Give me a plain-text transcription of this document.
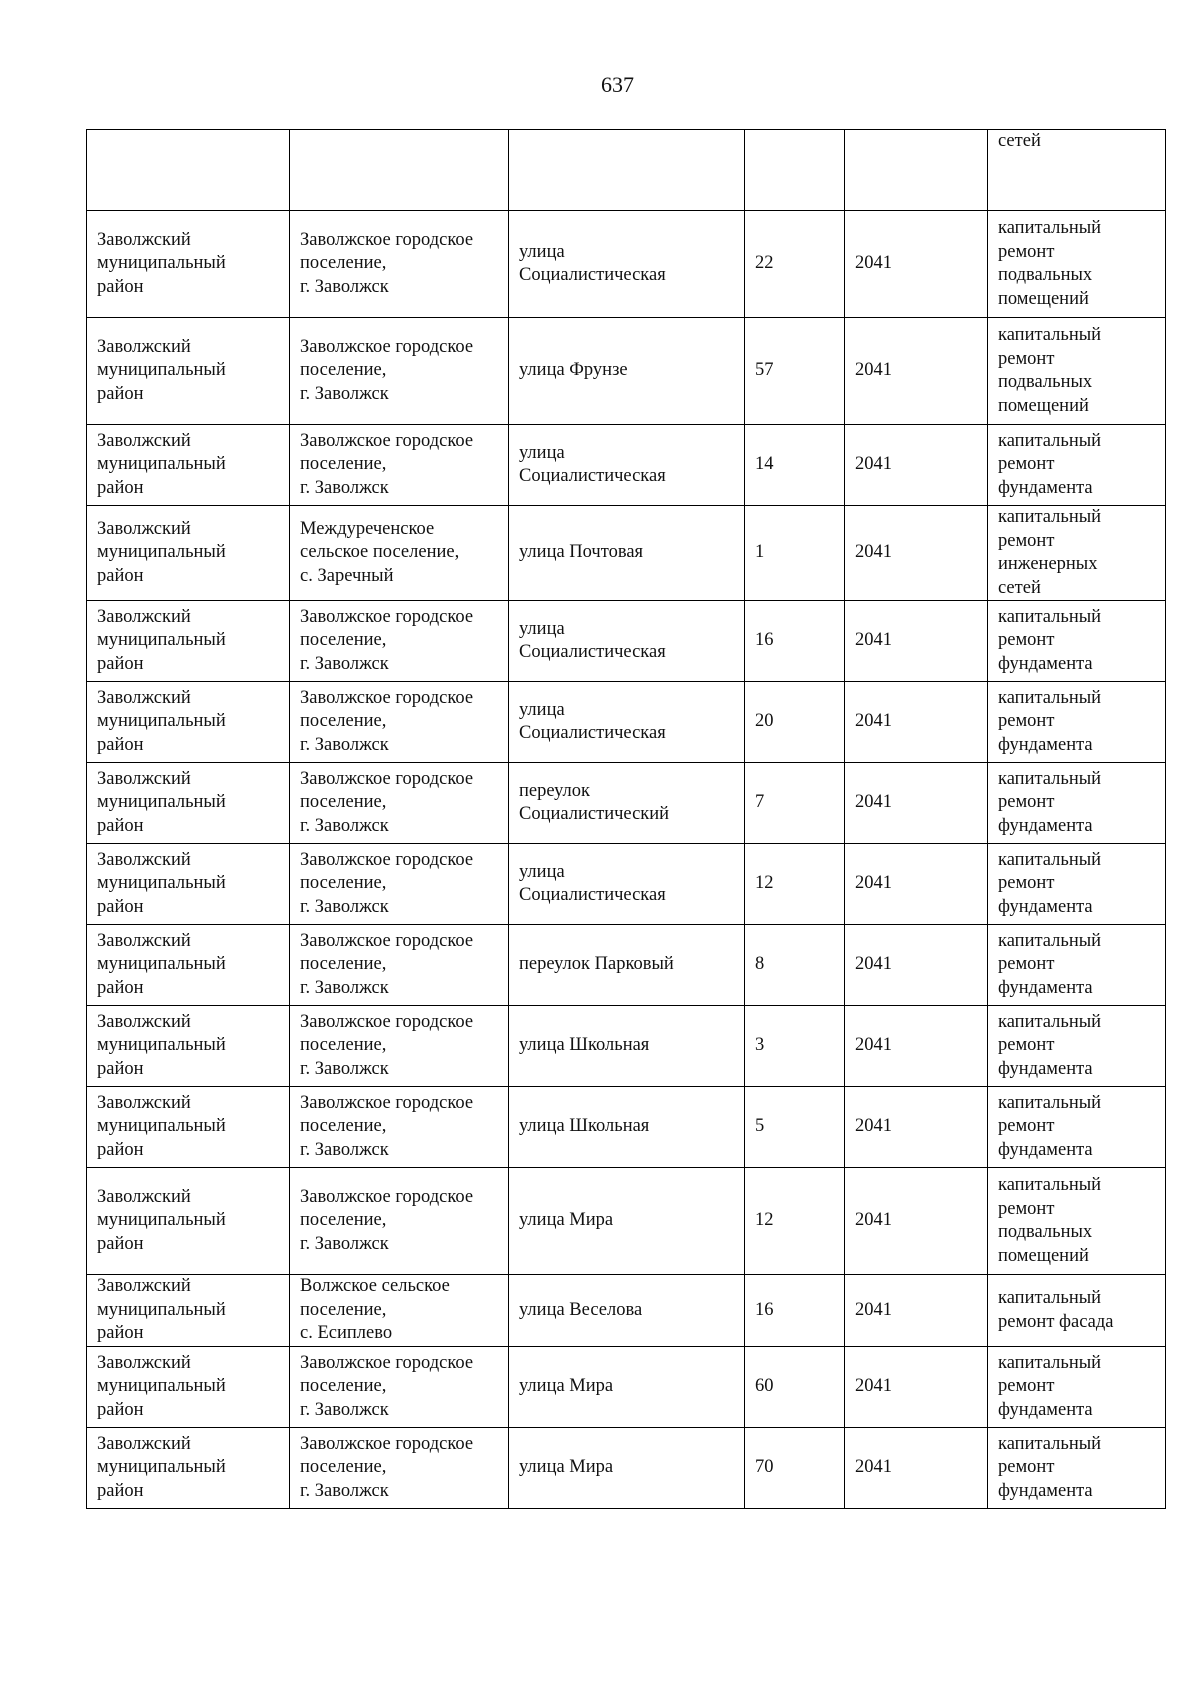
637
					сетей
Заволжский
муниципальный
район	Заволжское городское
поселение,
г. Заволжск	улица
Социалистическая	22	2041	капитальный
ремонт
подвальных
помещений
Заволжский
муниципальный
район	Заволжское городское
поселение,
г. Заволжск	улица Фрунзе	57	2041	капитальный
ремонт
подвальных
помещений
Заволжский
муниципальный
район	Заволжское городское
поселение,
г. Заволжск	улица
Социалистическая	14	2041	капитальный
ремонт
фундамента
Заволжский
муниципальный
район	Междуреченское
сельское поселение,
с. Заречный	улица Почтовая	1	2041	капитальный
ремонт
инженерных
сетей
Заволжский
муниципальный
район	Заволжское городское
поселение,
г. Заволжск	улица
Социалистическая	16	2041	капитальный
ремонт
фундамента
Заволжский
муниципальный
район	Заволжское городское
поселение,
г. Заволжск	улица
Социалистическая	20	2041	капитальный
ремонт
фундамента
Заволжский
муниципальный
район	Заволжское городское
поселение,
г. Заволжск	переулок
Социалистический	7	2041	капитальный
ремонт
фундамента
Заволжский
муниципальный
район	Заволжское городское
поселение,
г. Заволжск	улица
Социалистическая	12	2041	капитальный
ремонт
фундамента
Заволжский
муниципальный
район	Заволжское городское
поселение,
г. Заволжск	переулок Парковый	8	2041	капитальный
ремонт
фундамента
Заволжский
муниципальный
район	Заволжское городское
поселение,
г. Заволжск	улица Школьная	3	2041	капитальный
ремонт
фундамента
Заволжский
муниципальный
район	Заволжское городское
поселение,
г. Заволжск	улица Школьная	5	2041	капитальный
ремонт
фундамента
Заволжский
муниципальный
район	Заволжское городское
поселение,
г. Заволжск	улица Мира	12	2041	капитальный
ремонт
подвальных
помещений
Заволжский
муниципальный
район	Волжское сельское
поселение,
с. Есиплево	улица Веселова	16	2041	капитальный
ремонт фасада
Заволжский
муниципальный
район	Заволжское городское
поселение,
г. Заволжск	улица Мира	60	2041	капитальный
ремонт
фундамента
Заволжский
муниципальный
район	Заволжское городское
поселение,
г. Заволжск	улица Мира	70	2041	капитальный
ремонт
фундамента
